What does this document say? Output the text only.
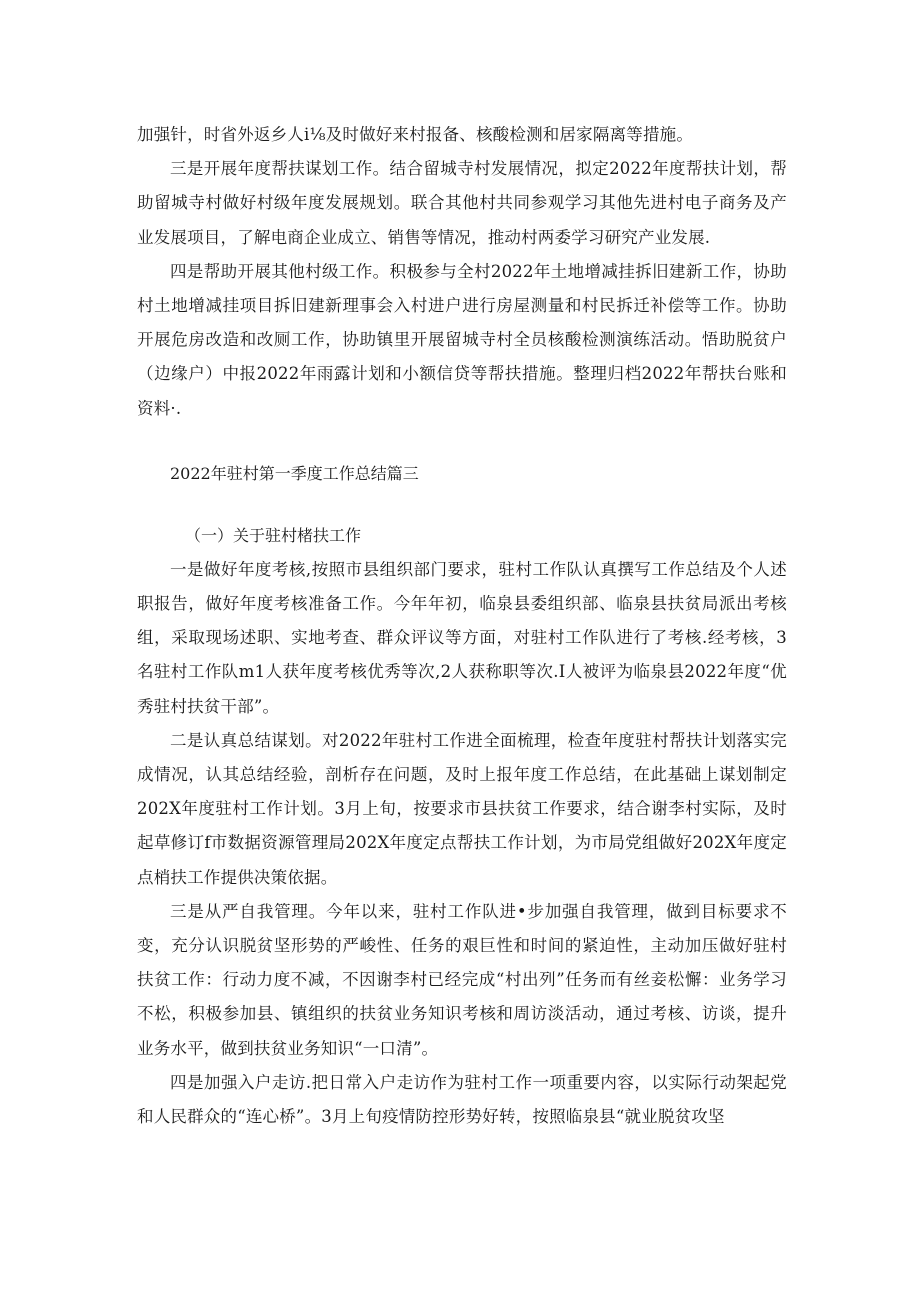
加强针，时省外返乡人i⅛及时做好来村报备、核酸检测和居家隔离等措施。

三是开展年度帮扶谋划工作。结合留城寺村发展情况，拟定2022年度帮扶计划，帮助留城寺村做好村级年度发展规划。联合其他村共同参观学习其他先进村电子商务及产业发展项目，了解电商企业成立、销售等情况，推动村两委学习研究产业发展.

四是帮助开展其他村级工作。积极参与全村2022年土地增减挂拆旧建新工作，协助村土地增减挂项目拆旧建新理事会入村进户进行房屋测量和村民拆迁补偿等工作。协助开展危房改造和改厕工作，协助镇里开展留城寺村全员核酸检测演练活动。悟助脱贫户（边缘户）中报2022年雨露计划和小额信贷等帮扶措施。整理归档2022年帮扶台账和资料·.

2022年驻村第一季度工作总结篇三

（一）关于驻村楮扶工作

一是做好年度考核,按照市县组织部门要求，驻村工作队认真撰写工作总结及个人述职报告，做好年度考核准备工作。今年年初，临泉县委组织部、临泉县扶贫局派出考核组，采取现场述职、实地考查、群众评议等方面，对驻村工作队进行了考核.经考核，3名驻村工作队m1人获年度考核优秀等次,2人获称职等次.I人被评为临泉县2022年度“优秀驻村扶贫干部”。

二是认真总结谋划。对2022年驻村工作进全面梳理，检查年度驻村帮扶计划落实完成情况，认其总结经验，剖析存在问题，及时上报年度工作总结，在此基础上谋划制定202X年度驻村工作计划。3月上旬，按要求市县扶贫工作要求，结合谢李村实际，及时起草修订f市数据资源管理局202X年度定点帮扶工作计划，为市局党组做好202X年度定点梢扶工作提供决策依据。

三是从严自我管理。今年以来，驻村工作队进•步加强自我管理，做到目标要求不变，充分认识脱贫坚形势的严峻性、任务的艰巨性和时间的紧迫性，主动加压做好驻村扶贫工作：行动力度不减，不因谢李村已经完成“村出列”任务而有丝妾松懈：业务学习不松，积极参加县、镇组织的扶贫业务知识考核和周访淡活动，通过考核、访谈，提升业务水平，做到扶贫业务知识“一口清”。

四是加强入户走访.把日常入户走访作为驻村工作一项重要内容，以实际行动架起党和人民群众的“连心桥”。3月上旬疫情防控形势好转，按照临泉县“就业脱贫攻坚
